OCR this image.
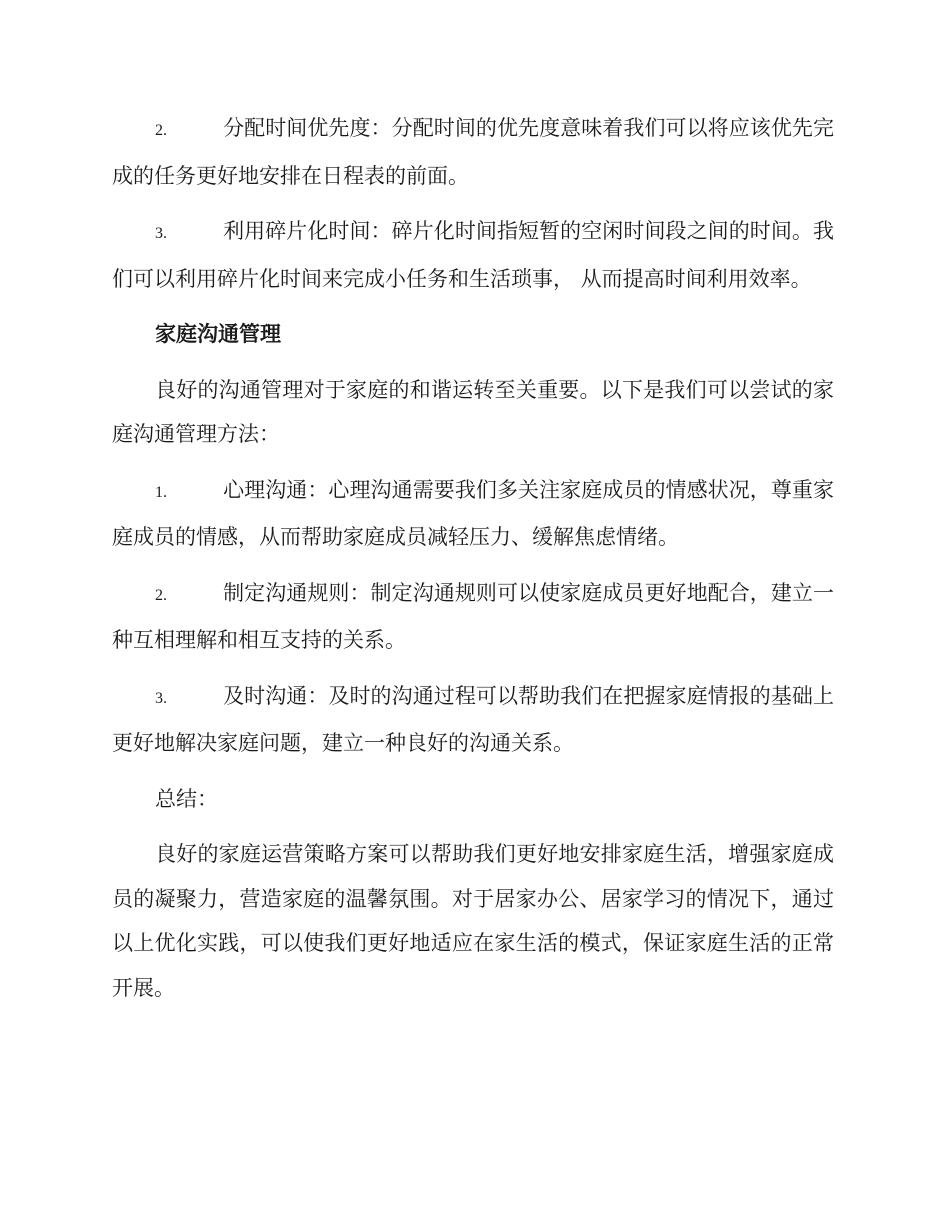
2.	分配时间优先度：分配时间的优先度意味着我们可以将应该优先完成的任务更好地安排在日程表的前面。

3.	利用碎片化时间：碎片化时间指短暂的空闲时间段之间的时间。我们可以利用碎片化时间来完成小任务和生活琐事， 从而提高时间利用效率。

家庭沟通管理

良好的沟通管理对于家庭的和谐运转至关重要。以下是我们可以尝试的家庭沟通管理方法：

1.	心理沟通：心理沟通需要我们多关注家庭成员的情感状况，尊重家庭成员的情感，从而帮助家庭成员减轻压力、缓解焦虑情绪。

2.	制定沟通规则：制定沟通规则可以使家庭成员更好地配合，建立一种互相理解和相互支持的关系。

3.	及时沟通：及时的沟通过程可以帮助我们在把握家庭情报的基础上更好地解决家庭问题，建立一种良好的沟通关系。

总结：

良好的家庭运营策略方案可以帮助我们更好地安排家庭生活，增强家庭成员的凝聚力，营造家庭的温馨氛围。对于居家办公、居家学习的情况下，通过以上优化实践，可以使我们更好地适应在家生活的模式，保证家庭生活的正常开展。
